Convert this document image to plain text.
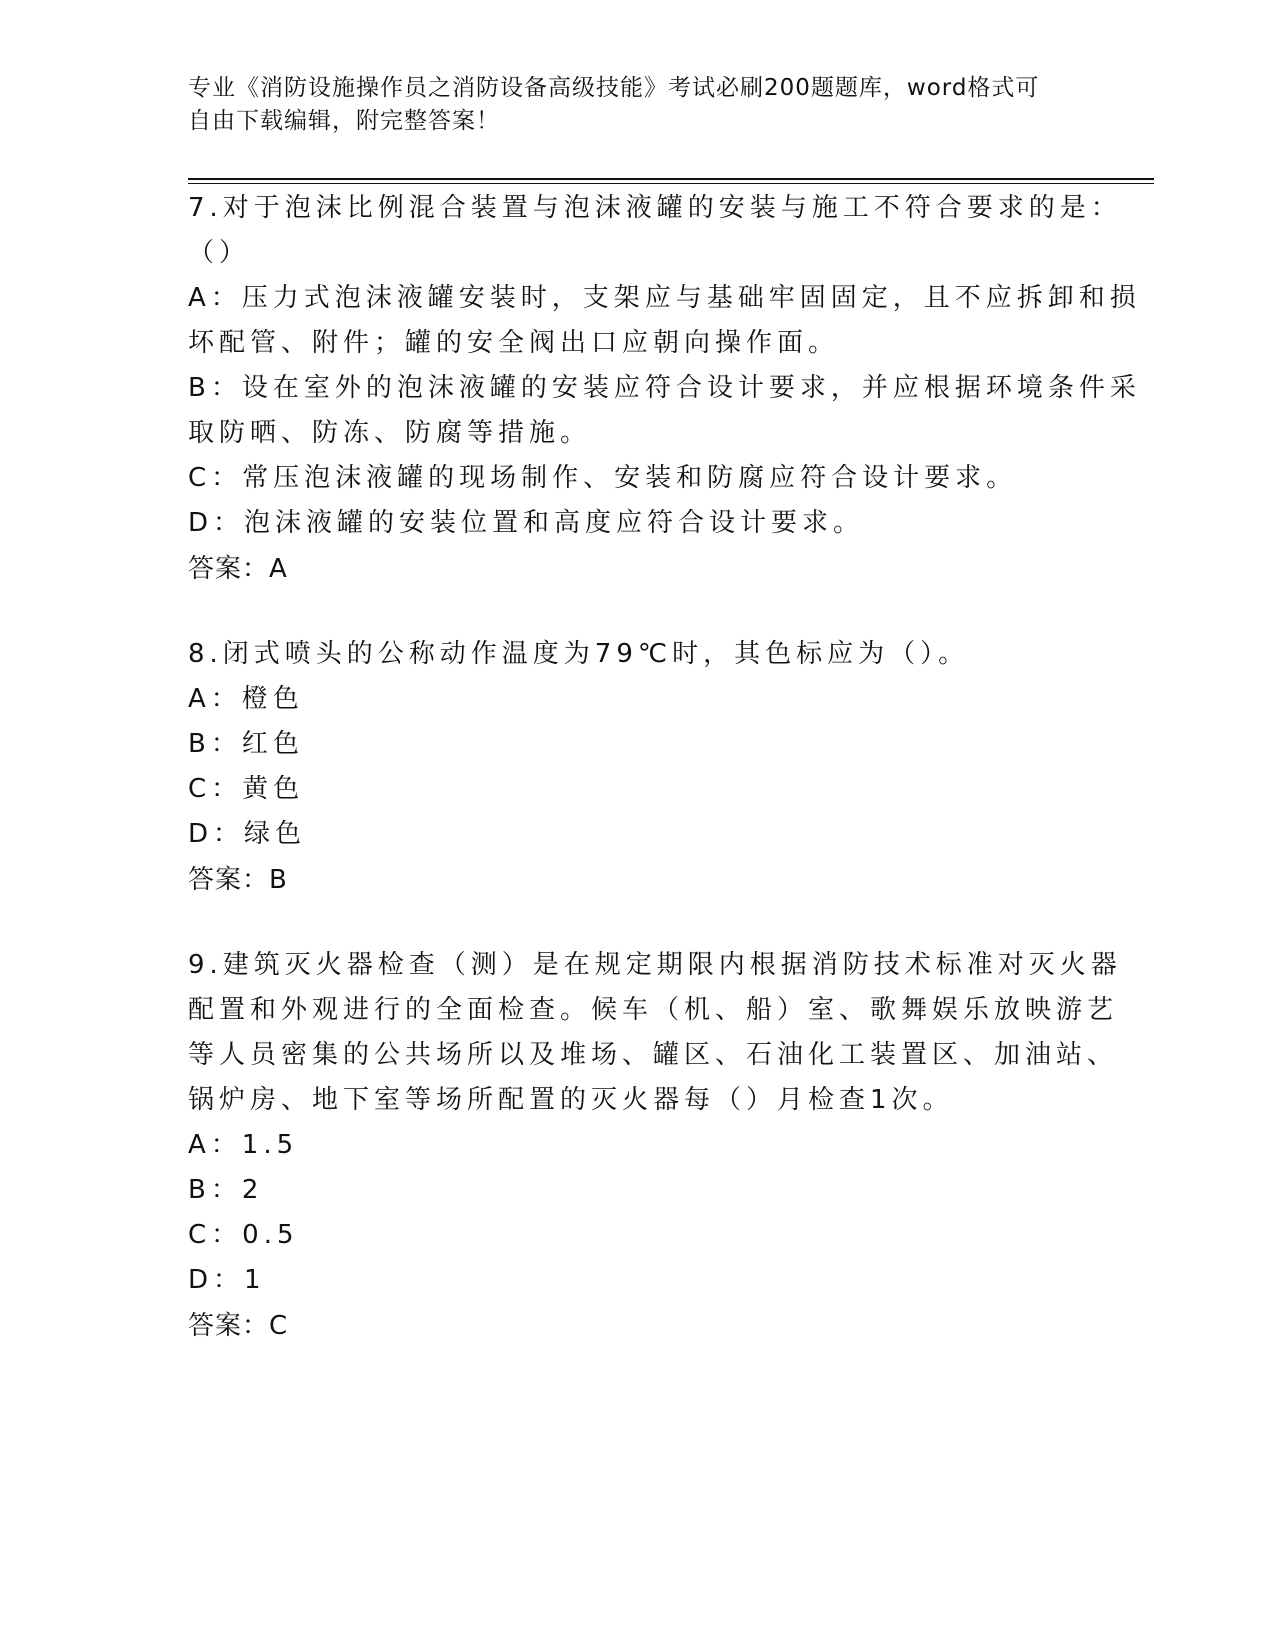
专业《消防设施操作员之消防设备高级技能》考试必刷200题题库，word格式可
自由下载编辑，附完整答案！

7.对于泡沫比例混合装置与泡沫液罐的安装与施工不符合要求的是：

（）

A：压力式泡沫液罐安装时，支架应与基础牢固固定，且不应拆卸和损

坏配管、附件；罐的安全阀出口应朝向操作面。

B：设在室外的泡沫液罐的安装应符合设计要求，并应根据环境条件采

取防晒、防冻、防腐等措施。

C：常压泡沫液罐的现场制作、安装和防腐应符合设计要求。

D：泡沫液罐的安装位置和高度应符合设计要求。

答案：A

8.闭式喷头的公称动作温度为79℃时，其色标应为（）。

A：橙色

B：红色

C：黄色

D：绿色

答案：B

9.建筑灭火器检查（测）是在规定期限内根据消防技术标准对灭火器

配置和外观进行的全面检查。候车（机、船）室、歌舞娱乐放映游艺

等人员密集的公共场所以及堆场、罐区、石油化工装置区、加油站、

锅炉房、地下室等场所配置的灭火器每（）月检查1次。

A：1.5

B：2

C：0.5

D：1

答案：C
